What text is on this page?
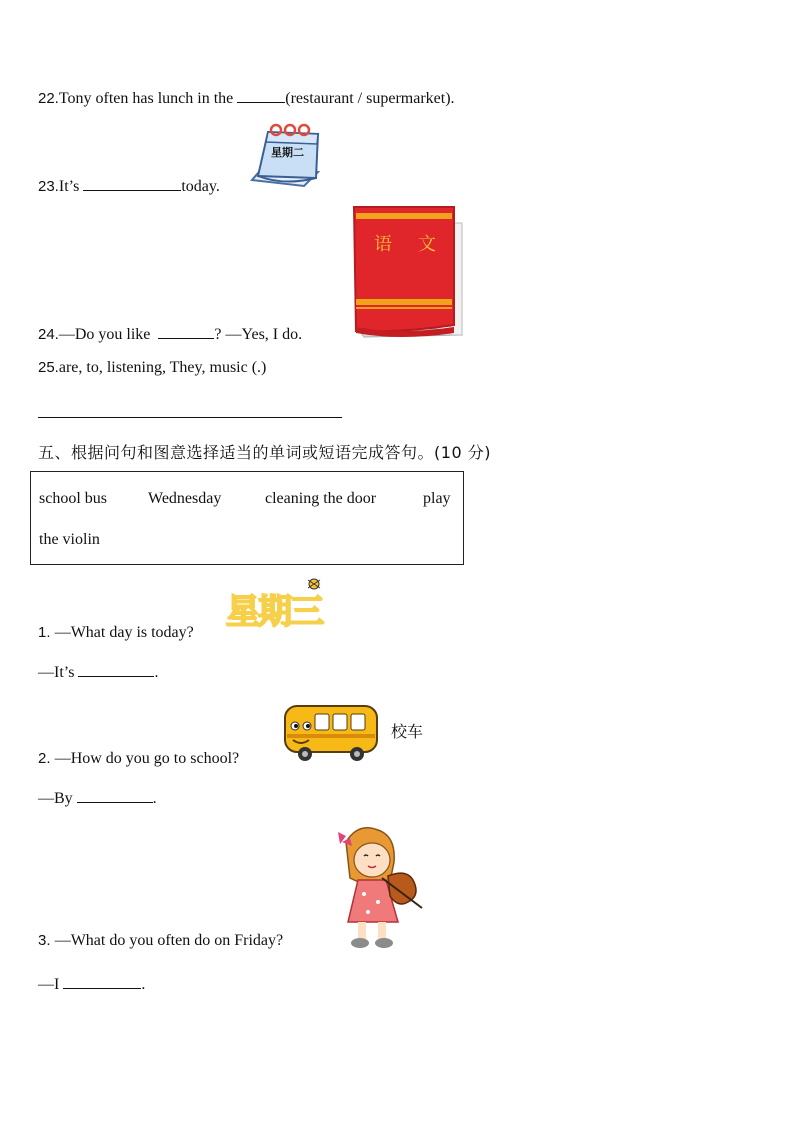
22.Tony often has lunch in the	(restaurant / supermarket).
星期二
23.It’s	today.
语 文
24.—Do you like	? —Yes, I do.
25.are, to, listening, They, music (.)
五、根据问句和图意选择适当的单词或短语完成答句。(10 分)
school bus	Wednesday	cleaning the door	play
the violin
星期三
1. —What day is today?
—It’s	.
校车
2. —How do you go to school?
—By	.
3. —What do you often do on Friday?
—I	.
